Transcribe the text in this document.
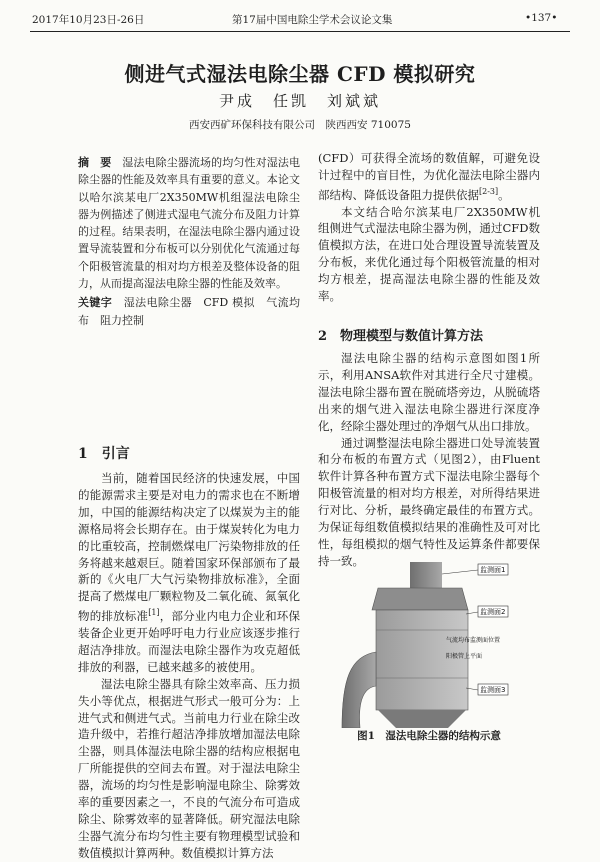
2017年10月23日-26日	第17届中国电除尘学术会议论文集	•137•
侧进气式湿法电除尘器 CFD 模拟研究
尹成　任凯　刘斌斌
西安西矿环保科技有限公司　陕西西安 710075

摘　要 湿法电除尘器流场的均匀性对湿法电除尘器的性能及效率具有重要的意义。本论文以哈尔滨某电厂2X350MW机组湿法电除尘器为例描述了侧进式湿电气流分布及阻力计算的过程。结果表明，在湿法电除尘器内通过设置导流装置和分布板可以分别优化气流通过每个阳极管流量的相对均方根差及整体设备的阻力，从而提高湿法电除尘器的性能及效率。

关键字 湿法电除尘器　CFD 模拟　气流均布　阻力控制

1　引言

当前，随着国民经济的快速发展，中国的能源需求主要是对电力的需求也在不断增加，中国的能源结构决定了以煤炭为主的能源格局将会长期存在。由于煤炭转化为电力的比重较高，控制燃煤电厂污染物排放的任务将越来越艰巨。随着国家环保部颁布了最新的《火电厂大气污染物排放标准》，全面提高了燃煤电厂颗粒物及二氧化硫、氮氧化物的排放标准[1]，部分业内电力企业和环保装备企业更开始呼吁电力行业应该逐步推行超洁净排放。而湿法电除尘器作为攻克超低排放的利器，已越来越多的被使用。

湿法电除尘器具有除尘效率高、压力损失小等优点，根据进气形式一般可分为：上进气式和侧进气式。当前电力行业在除尘改造升级中，若推行超洁净排放增加湿法电除尘器，则具体湿法电除尘器的结构应根据电厂所能提供的空间去布置。对于湿法电除尘器，流场的均匀性是影响湿电除尘、除雾效率的重要因素之一，不良的气流分布可造成除尘、除雾效率的显著降低。研究湿法电除尘器气流分布均匀性主要有物理模型试验和数值模拟计算两种。数值模拟计算方法

(CFD）可获得全流场的数值解，可避免设计过程中的盲目性，为优化湿法电除尘器内部结构、降低设备阻力提供依据[2-3]。

本文结合哈尔滨某电厂2X350MW机组侧进气式湿法电除尘器为例，通过CFD数值模拟方法，在进口处合理设置导流装置及分布板，来优化通过每个阳极管流量的相对均方根差，提高湿法电除尘器的性能及效率。

2　物理模型与数值计算方法

湿法电除尘器的结构示意图如图1所示，利用ANSA软件对其进行全尺寸建模。湿法电除尘器布置在脱硫塔旁边，从脱硫塔出来的烟气进入湿法电除尘器进行深度净化，经除尘器处理过的净烟气从出口排放。

通过调整湿法电除尘器进口处导流装置和分布板的布置方式（见图2），由Fluent软件计算各种布置方式下湿法电除尘器每个阳极管流量的相对均方根差，对所得结果进行对比、分析，最终确定最佳的布置方式。为保证每组数值模拟结果的准确性及可对比性，每组模拟的烟气特性及运算条件都要保持一致。

监测面1
监测面2
气流均布监测面位置
阳极管上平面
监测面3
图1　湿法电除尘器的结构示意
